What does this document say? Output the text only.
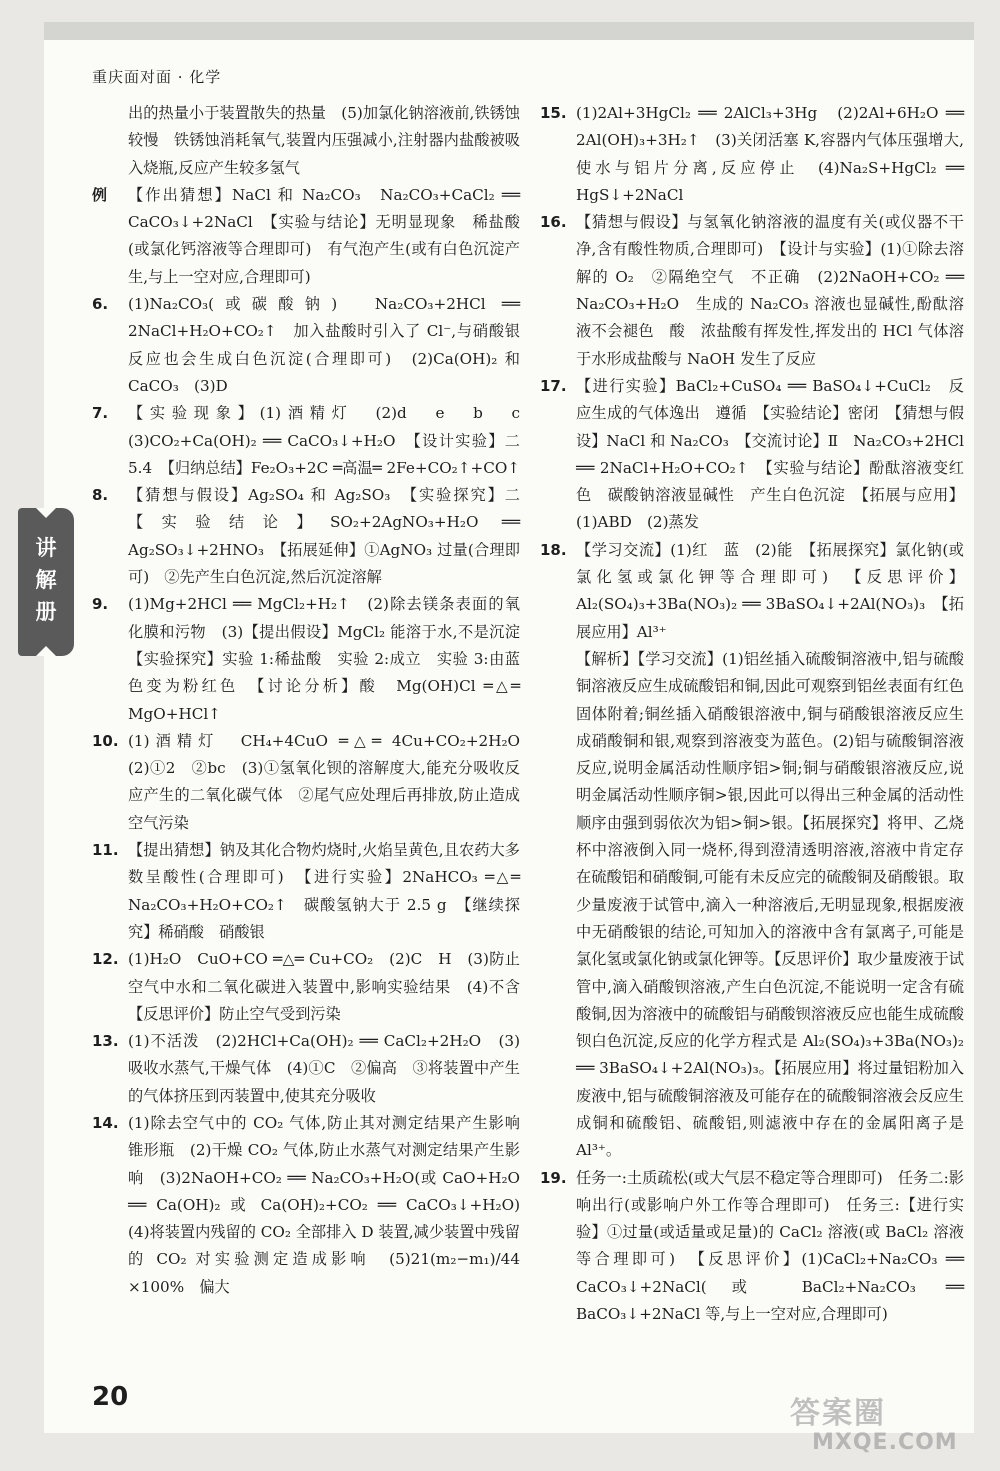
重庆面对面 · 化学
讲解册
出的热量小于装置散失的热量　(5)加氯化钠溶液前,铁锈蚀较慢　铁锈蚀消耗氧气,装置内压强减小,注射器内盐酸被吸入烧瓶,反应产生较多氢气
例 【作出猜想】NaCl 和 Na₂CO₃　Na₂CO₃+CaCl₂ ══ CaCO₃↓+2NaCl　【实验与结论】无明显现象　稀盐酸(或氯化钙溶液等合理即可)　有气泡产生(或有白色沉淀产生,与上一空对应,合理即可)
6. (1)Na₂CO₃(或碳酸钠)　Na₂CO₃+2HCl ══ 2NaCl+H₂O+CO₂↑　加入盐酸时引入了 Cl⁻,与硝酸银反应也会生成白色沉淀(合理即可)　(2)Ca(OH)₂ 和 CaCO₃　(3)D
7. 【实验现象】(1)酒精灯　(2)d　e　b　c　(3)CO₂+Ca(OH)₂ ══ CaCO₃↓+H₂O　【设计实验】二　5.4　【归纳总结】Fe₂O₃+2C ═高温═ 2Fe+CO₂↑+CO↑
8. 【猜想与假设】Ag₂SO₄ 和 Ag₂SO₃　【实验探究】二　【实验结论】SO₂+2AgNO₃+H₂O ══ Ag₂SO₃↓+2HNO₃　【拓展延伸】①AgNO₃ 过量(合理即可)　②先产生白色沉淀,然后沉淀溶解
9. (1)Mg+2HCl ══ MgCl₂+H₂↑　(2)除去镁条表面的氧化膜和污物　(3)【提出假设】MgCl₂ 能溶于水,不是沉淀　【实验探究】实验 1:稀盐酸　实验 2:成立　实验 3:由蓝色变为粉红色　【讨论分析】酸　Mg(OH)Cl ═△═ MgO+HCl↑
10. (1)酒精灯　CH₄+4CuO ═△═ 4Cu+CO₂+2H₂O　(2)①2　②bc　(3)①氢氧化钡的溶解度大,能充分吸收反应产生的二氧化碳气体　②尾气应处理后再排放,防止造成空气污染
11. 【提出猜想】钠及其化合物灼烧时,火焰呈黄色,且农药大多数呈酸性(合理即可)　【进行实验】2NaHCO₃ ═△═ Na₂CO₃+H₂O+CO₂↑　碳酸氢钠大于 2.5 g　【继续探究】稀硝酸　硝酸银
12. (1)H₂O　CuO+CO ═△═ Cu+CO₂　(2)C　H　(3)防止空气中水和二氧化碳进入装置中,影响实验结果　(4)不含　【反思评价】防止空气受到污染
13. (1)不活泼　(2)2HCl+Ca(OH)₂ ══ CaCl₂+2H₂O　(3)吸收水蒸气,干燥气体　(4)①C　②偏高　③将装置中产生的气体挤压到丙装置中,使其充分吸收
14. (1)除去空气中的 CO₂ 气体,防止其对测定结果产生影响　锥形瓶　(2)干燥 CO₂ 气体,防止水蒸气对测定结果产生影响　(3)2NaOH+CO₂ ══ Na₂CO₃+H₂O(或 CaO+H₂O ══ Ca(OH)₂ 或 Ca(OH)₂+CO₂ ══ CaCO₃↓+H₂O)　(4)将装置内残留的 CO₂ 全部排入 D 装置,减少装置中残留的 CO₂ 对实验测定造成影响　(5)21(m₂−m₁)/44 ×100%　偏大
15. (1)2Al+3HgCl₂ ══ 2AlCl₃+3Hg　(2)2Al+6H₂O ══ 2Al(OH)₃+3H₂↑　(3)关闭活塞 K,容器内气体压强增大,使水与铝片分离,反应停止　(4)Na₂S+HgCl₂ ══ HgS↓+2NaCl
16. 【猜想与假设】与氢氧化钠溶液的温度有关(或仪器不干净,含有酸性物质,合理即可)　【设计与实验】(1)①除去溶解的 O₂　②隔绝空气　不正确　(2)2NaOH+CO₂ ══ Na₂CO₃+H₂O　生成的 Na₂CO₃ 溶液也显碱性,酚酞溶液不会褪色　酸　浓盐酸有挥发性,挥发出的 HCl 气体溶于水形成盐酸与 NaOH 发生了反应
17. 【进行实验】BaCl₂+CuSO₄ ══ BaSO₄↓+CuCl₂　反应生成的气体逸出　遵循　【实验结论】密闭　【猜想与假设】NaCl 和 Na₂CO₃　【交流讨论】Ⅱ　Na₂CO₃+2HCl ══ 2NaCl+H₂O+CO₂↑　【实验与结论】酚酞溶液变红色　碳酸钠溶液显碱性　产生白色沉淀　【拓展与应用】(1)ABD　(2)蒸发
18. 【学习交流】(1)红　蓝　(2)能　【拓展探究】氯化钠(或氯化氢或氯化钾等合理即可)　【反思评价】Al₂(SO₄)₃+3Ba(NO₃)₂ ══ 3BaSO₄↓+2Al(NO₃)₃　【拓展应用】Al³⁺
【解析】【学习交流】(1)铝丝插入硫酸铜溶液中,铝与硫酸铜溶液反应生成硫酸铝和铜,因此可观察到铝丝表面有红色固体附着;铜丝插入硝酸银溶液中,铜与硝酸银溶液反应生成硝酸铜和银,观察到溶液变为蓝色。(2)铝与硫酸铜溶液反应,说明金属活动性顺序铝>铜;铜与硝酸银溶液反应,说明金属活动性顺序铜>银,因此可以得出三种金属的活动性顺序由强到弱依次为铝>铜>银。【拓展探究】将甲、乙烧杯中溶液倒入同一烧杯,得到澄清透明溶液,溶液中肯定存在硫酸铝和硝酸铜,可能有未反应完的硫酸铜及硝酸银。取少量废液于试管中,滴入一种溶液后,无明显现象,根据废液中无硝酸银的结论,可知加入的溶液中含有氯离子,可能是氯化氢或氯化钠或氯化钾等。【反思评价】取少量废液于试管中,滴入硝酸钡溶液,产生白色沉淀,不能说明一定含有硫酸铜,因为溶液中的硫酸铝与硝酸钡溶液反应也能生成硫酸钡白色沉淀,反应的化学方程式是 Al₂(SO₄)₃+3Ba(NO₃)₂ ══ 3BaSO₄↓+2Al(NO₃)₃。【拓展应用】将过量铝粉加入废液中,铝与硫酸铜溶液及可能存在的硫酸铜溶液会反应生成铜和硫酸铝、硫酸铝,则滤液中存在的金属阳离子是 Al³⁺。
19. 任务一:土质疏松(或大气层不稳定等合理即可)　任务二:影响出行(或影响户外工作等合理即可)　任务三:【进行实验】①过量(或适量或足量)的 CaCl₂ 溶液(或 BaCl₂ 溶液等合理即可)　【反思评价】(1)CaCl₂+Na₂CO₃ ══ CaCO₃↓+2NaCl(或 BaCl₂+Na₂CO₃ ══ BaCO₃↓+2NaCl 等,与上一空对应,合理即可)
20	答案圈
MXQE.COM
